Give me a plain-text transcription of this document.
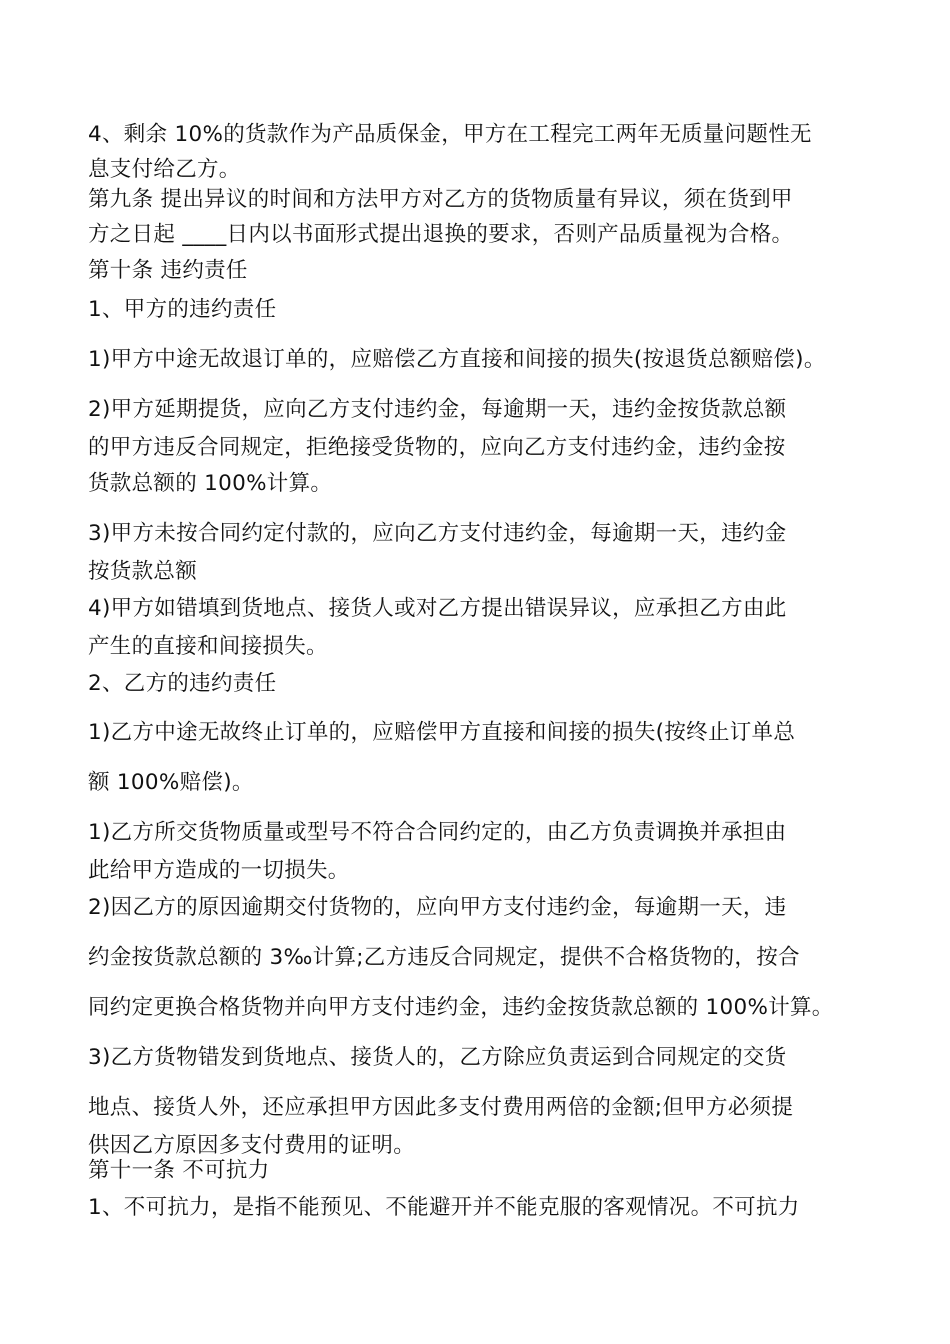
4、剩余 10%的货款作为产品质保金，甲方在工程完工两年无质量问题性无

息支付给乙方。

第九条 提出异议的时间和方法甲方对乙方的货物质量有异议，须在货到甲

方之日起 ____日内以书面形式提出退换的要求，否则产品质量视为合格。

第十条 违约责任

1、甲方的违约责任

1)甲方中途无故退订单的，应赔偿乙方直接和间接的损失(按退货总额赔偿)。

2)甲方延期提货，应向乙方支付违约金，每逾期一天，违约金按货款总额

的甲方违反合同规定，拒绝接受货物的，应向乙方支付违约金，违约金按

货款总额的 100%计算。

3)甲方未按合同约定付款的，应向乙方支付违约金，每逾期一天，违约金

按货款总额

4)甲方如错填到货地点、接货人或对乙方提出错误异议，应承担乙方由此

产生的直接和间接损失。

2、乙方的违约责任

1)乙方中途无故终止订单的，应赔偿甲方直接和间接的损失(按终止订单总

额 100%赔偿)。

1)乙方所交货物质量或型号不符合合同约定的，由乙方负责调换并承担由

此给甲方造成的一切损失。

2)因乙方的原因逾期交付货物的，应向甲方支付违约金，每逾期一天，违

约金按货款总额的 3‰计算;乙方违反合同规定，提供不合格货物的，按合

同约定更换合格货物并向甲方支付违约金，违约金按货款总额的 100%计算。

3)乙方货物错发到货地点、接货人的，乙方除应负责运到合同规定的交货

地点、接货人外，还应承担甲方因此多支付费用两倍的金额;但甲方必须提

供因乙方原因多支付费用的证明。

第十一条 不可抗力

1、不可抗力，是指不能预见、不能避开并不能克服的客观情况。不可抗力
